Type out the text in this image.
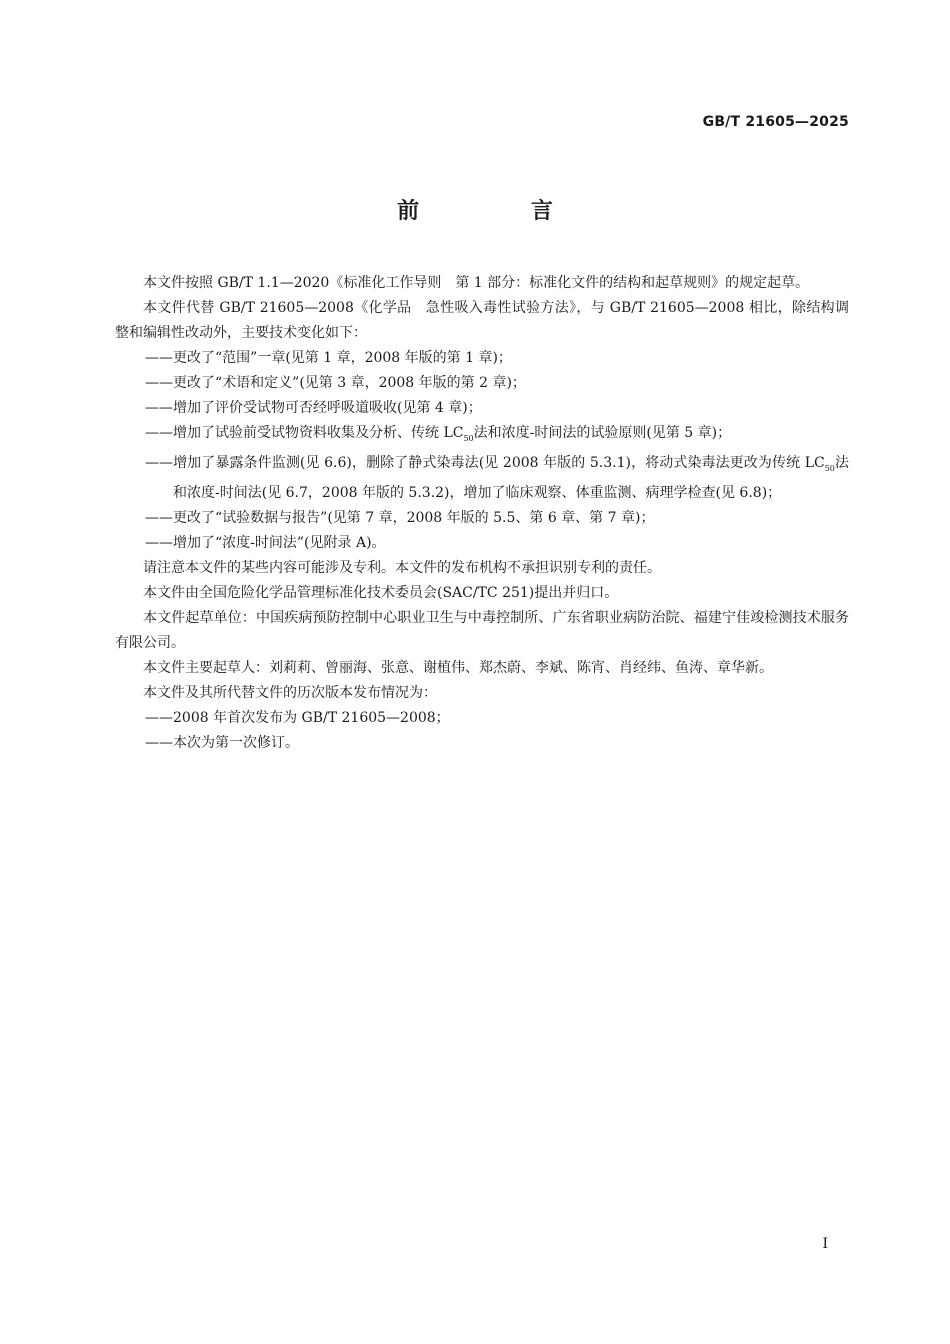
GB/T 21605—2025
前 言

本文件按照 GB/T 1.1—2020《标准化工作导则　第 1 部分：标准化文件的结构和起草规则》的规定起草。

本文件代替 GB/T 21605—2008《化学品　急性吸入毒性试验方法》，与 GB/T 21605—2008 相比，除结构调整和编辑性改动外，主要技术变化如下：

——更改了“范围”一章(见第 1 章，2008 年版的第 1 章)；

——更改了“术语和定义”(见第 3 章，2008 年版的第 2 章)；

——增加了评价受试物可否经呼吸道吸收(见第 4 章)；

——增加了试验前受试物资料收集及分析、传统 $LC_{50}$法和浓度-时间法的试验原则(见第 5 章)；

——增加了暴露条件监测(见 6.6)，删除了静式染毒法(见 2008 年版的 5.3.1)，将动式染毒法更改为传统 $LC_{50}$法和浓度-时间法(见 6.7，2008 年版的 5.3.2)，增加了临床观察、体重监测、病理学检查(见 6.8)；

——更改了“试验数据与报告”(见第 7 章，2008 年版的 5.5、第 6 章、第 7 章)；

——增加了“浓度-时间法”(见附录 A)。

请注意本文件的某些内容可能涉及专利。本文件的发布机构不承担识别专利的责任。

本文件由全国危险化学品管理标准化技术委员会(SAC/TC 251)提出并归口。

本文件起草单位：中国疾病预防控制中心职业卫生与中毒控制所、广东省职业病防治院、福建宁佳竣检测技术服务有限公司。

本文件主要起草人：刘莉莉、曾丽海、张意、谢植伟、郑杰蔚、李斌、陈宵、肖经纬、鱼涛、章华新。

本文件及其所代替文件的历次版本发布情况为：

——2008 年首次发布为 GB/T 21605—2008；

——本次为第一次修订。

I
